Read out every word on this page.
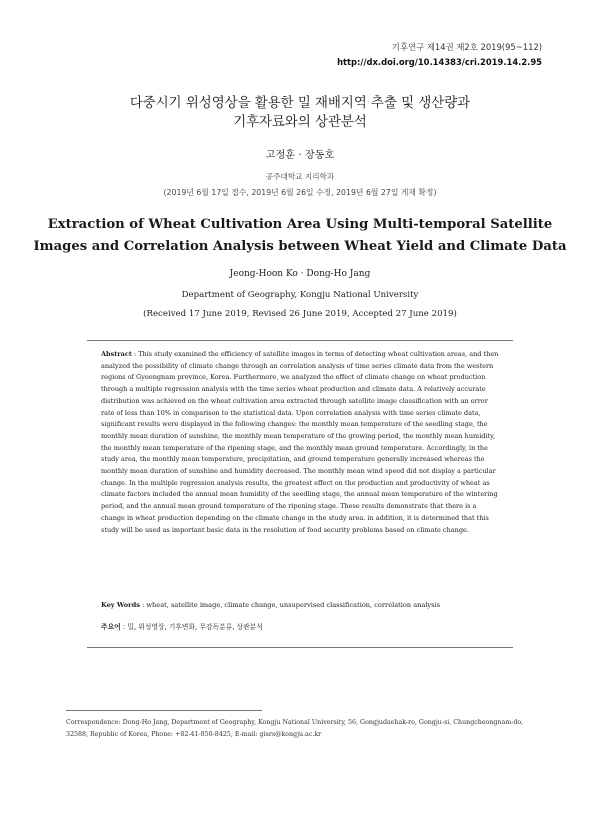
기후연구 제14권 제2호 2019(95~112)
http://dx.doi.org/10.14383/cri.2019.14.2.95
다중시기 위성영상을 활용한 밀 재배지역 추출 및 생산량과
기후자료와의 상관분석
고정훈 · 장동호
공주대학교 지리학과
(2019년 6월 17일 접수, 2019년 6월 26일 수정, 2019년 6월 27일 게재 확정)
Extraction of Wheat Cultivation Area Using Multi-temporal Satellite
Images and Correlation Analysis between Wheat Yield and Climate Data
Jeong-Hoon Ko · Dong-Ho Jang
Department of Geography, Kongju National University
(Received 17 June 2019, Revised 26 June 2019, Accepted 27 June 2019)

Abstract : This study examined the efficiency of satellite images in terms of detecting wheat cultivation areas, and then analyzed the possibility of climate change through an correlation analysis of time series climate data from the western regions of Gyeongnam province, Korea. Furthermore, we analyzed the effect of climate change on wheat production through a multiple regression analysis with the time series wheat production and climate data. A relatively accurate distribution was achieved on the wheat cultivation area extracted through satellite image classification with an error rate of less than 10% in comparison to the statistical data. Upon correlation analysis with time series climate data, significant results were displayed in the following changes: the monthly mean temperature of the seedling stage, the monthly mean duration of sunshine, the monthly mean temperature of the growing period, the monthly mean humidity, the monthly mean temperature of the ripening stage, and the monthly mean ground temperature. Accordingly, in the study area, the monthly mean temperature, precipitation, and ground temperature generally increased whereas the monthly mean duration of sunshine and humidity decreased. The monthly mean wind speed did not display a particular change. In the multiple regression analysis results, the greatest effect on the production and productivity of wheat as climate factors included the annual mean humidity of the seedling stage, the annual mean temperature of the wintering period, and the annual mean ground temperature of the ripening stage. These results demonstrate that there is a change in wheat production depending on the climate change in the study area. in addition, it is determined that this study will be used as important basic data in the resolution of food security problems based on climate change.

Key Words : wheat, satellite image, climate change, unsupervised classification, correlation analysis
주요어 : 밀, 위성영상, 기후변화, 무감독분류, 상관분석
Correspondence: Dong-Ho Jang, Department of Geography, Kongju National University, 56, Gongjudaehak-ro, Gongju-si, Chungcheongnam-do, 32588, Republic of Korea, Phone: +82-41-850-8425, E-mail: gisrs@kongju.ac.kr
